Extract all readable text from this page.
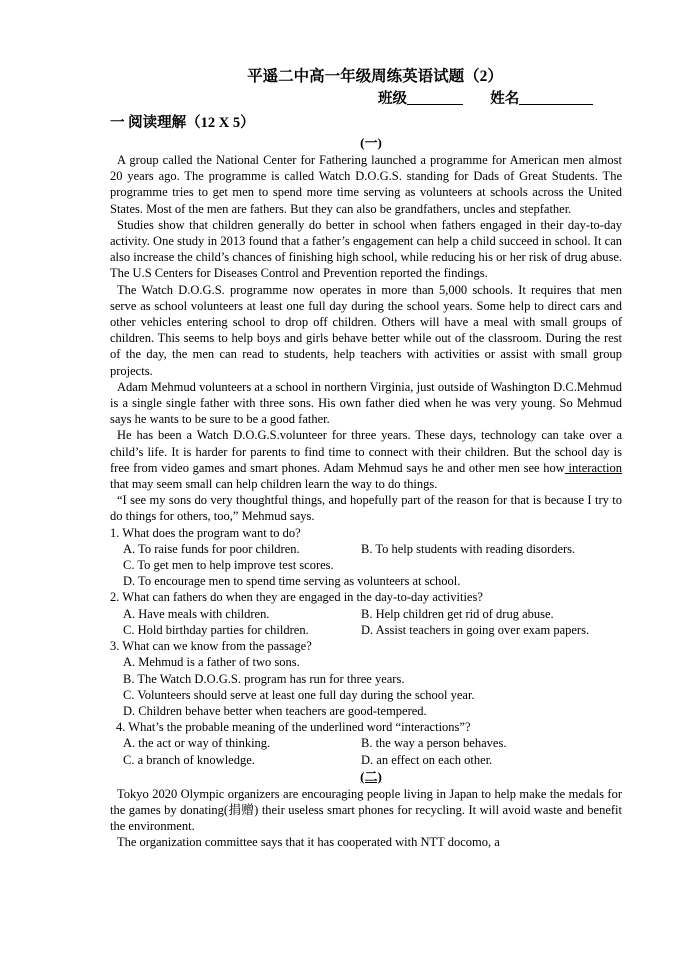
平遥二中高一年级周练英语试题（2）
班级	姓名
一 阅读理解（12 X 5）
(一)

A group called the National Center for Fathering launched a programme for American men almost 20 years ago. The programme is called Watch D.O.G.S. standing for Dads of Great Students. The programme tries to get men to spend more time serving as volunteers at schools across the United States. Most of the men are fathers. But they can also be grandfathers, uncles and stepfather.

Studies show that children generally do better in school when fathers engaged in their day-to-day activity. One study in 2013 found that a father’s engagement can help a child succeed in school. It can also increase the child’s chances of finishing high school, while reducing his or her risk of drug abuse. The U.S Centers for Diseases Control and Prevention reported the findings.

The Watch D.O.G.S. programme now operates in more than 5,000 schools. It requires that men serve as school volunteers at least one full day during the school years. Some help to direct cars and other vehicles entering school to drop off children. Others will have a meal with small groups of children. This seems to help boys and girls behave better while out of the classroom. During the rest of the day, the men can read to students, help teachers with activities or assist with small group projects.

Adam Mehmud volunteers at a school in northern Virginia, just outside of Washington D.C.Mehmud is a single single father with three sons. His own father died when he was very young. So Mehmud says he wants to be sure to be a good father.

He has been a Watch D.O.G.S.volunteer for three years. These days, technology can take over a child’s life. It is harder for parents to find time to connect with their children. But the school day is free from video games and smart phones. Adam Mehmud says he and other men see how interaction that may seem small can help children learn the way to do things.

“I see my sons do very thoughtful things, and hopefully part of the reason for that is because I try to do things for others, too,” Mehmud says.

1. What does the program want to do?

A. To raise funds for poor children.	B. To help students with reading disorders.
C. To get men to help improve test scores.
D. To encourage men to spend time serving as volunteers at school.

2. What can fathers do when they are engaged in the day-to-day activities?

A. Have meals with children.	B. Help children get rid of drug abuse.
C. Hold birthday parties for children.	D. Assist teachers in going over exam papers.

3. What can we know from the passage?

A. Mehmud is a father of two sons.
B. The Watch D.O.G.S. program has run for three years.
C. Volunteers should serve at least one full day during the school year.
D. Children behave better when teachers are good-tempered.

4. What’s the probable meaning of the underlined word “interactions”?

A. the act or way of thinking.	B. the way a person behaves.
C. a branch of knowledge.	D. an effect on each other.
(二)

Tokyo 2020 Olympic organizers are encouraging people living in Japan to help make the medals for the games by donating(捐赠) their useless smart phones for recycling. It will avoid waste and benefit the environment.

The organization committee says that it has cooperated with NTT docomo, a
